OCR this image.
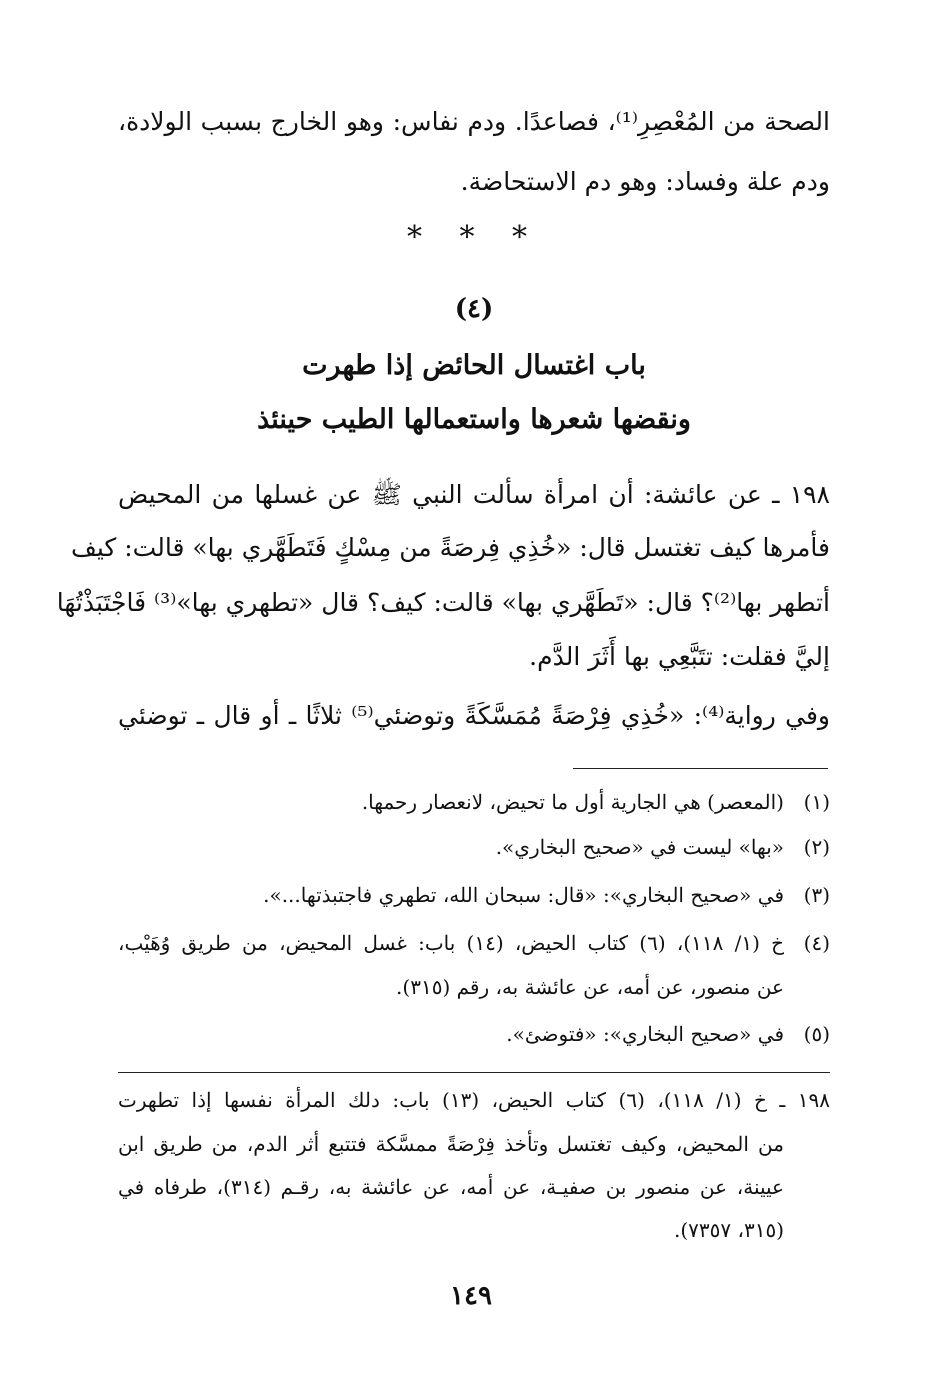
الصحة من المُعْصِرِ⁽¹⁾، فصاعدًا. ودم نفاس: وهو الخارج بسبب الولادة،
ودم علة وفساد: وهو دم الاستحاضة.
* * *
(٤)
باب اغتسال الحائض إذا طهرت
ونقضها شعرها واستعمالها الطيب حينئذ
١٩٨ ـ عن عائشة: أن امرأة سألت النبي ﷺ عن غسلها من المحيض
فأمرها كيف تغتسل قال: «خُذِي فِرصَةً من مِسْكٍ فَتَطَهَّري بها» قالت: كيف
أتطهر بها⁽²⁾؟ قال: «تَطَهَّري بها» قالت: كيف؟ قال «تطهري بها»⁽³⁾ فَاجْتَبَذْتُهَا
إليَّ فقلت: تتَبَّعِي بها أَثَرَ الدَّم.
وفي رواية⁽⁴⁾: «خُذِي فِرْصَةً مُمَسَّكَةً وتوضئي⁽⁵⁾ ثلاثًا ـ أو قال ـ توضئي
(١)(المعصر) هي الجارية أول ما تحيض، لانعصار رحمها.
(٢)«بها» ليست في «صحيح البخاري».
(٣)في «صحيح البخاري»: «قال: سبحان الله، تطهري فاجتبذتها...».
(٤)خ (١/ ١١٨)، (٦) كتاب الحيض، (١٤) باب: غسل المحيض، من طريق وُهَيْب،
عن منصور، عن أمه، عن عائشة به، رقم (٣١٥).
(٥)في «صحيح البخاري»: «فتوضئ».
١٩٨ ـ خ (١/ ١١٨)، (٦) كتاب الحيض، (١٣) باب: دلك المرأة نفسها إذا تطهرت
من المحيض، وكيف تغتسل وتأخذ فِرْصَةً ممسَّكة فتتبع أثر الدم، من طريق ابن
عيينة، عن منصور بن صفيـة، عن أمه، عن عائشة به، رقـم (٣١٤)، طرفاه في
(٣١٥، ٧٣٥٧).
١٤٩
